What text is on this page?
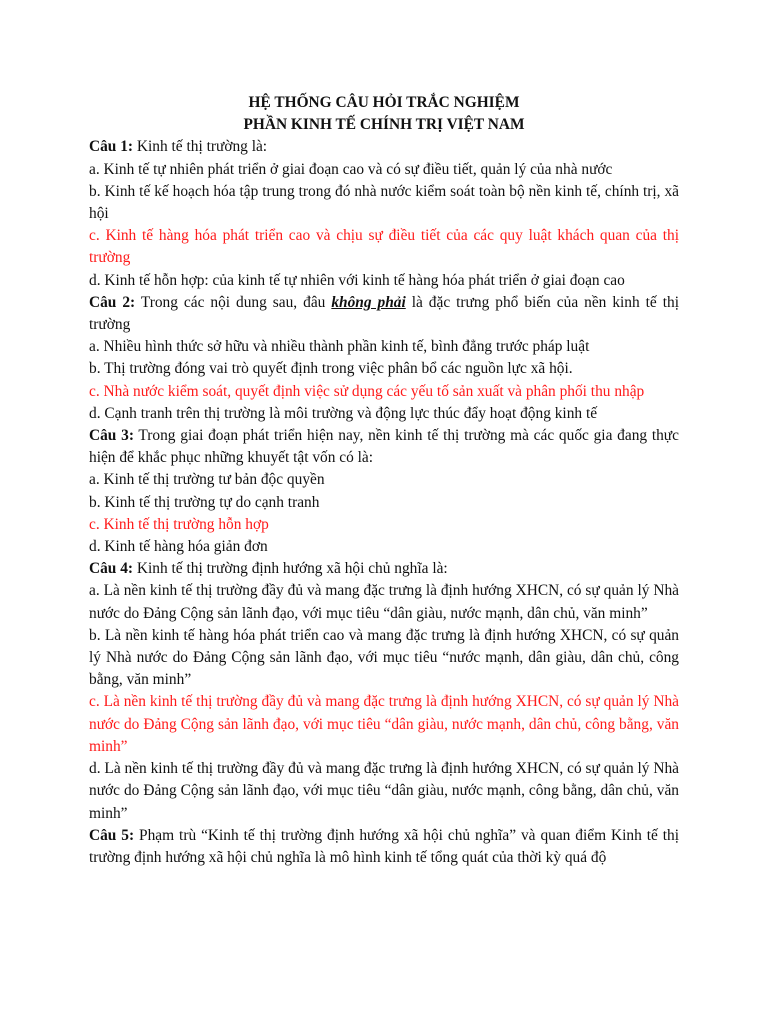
HỆ THỐNG CÂU HỎI TRẮC NGHIỆM
PHẦN KINH TẾ CHÍNH TRỊ VIỆT NAM
Câu 1: Kinh tế thị trường là:
a. Kinh tế tự nhiên phát triển ở giai đoạn cao và có sự điều tiết, quản lý của nhà nước
b. Kinh tế kế hoạch hóa tập trung trong đó nhà nước kiểm soát toàn bộ nền kinh tế, chính trị, xã hội
c. Kinh tế hàng hóa phát triển cao và chịu sự điều tiết của các quy luật khách quan của thị trường
d. Kinh tế hỗn hợp: của kinh tế tự nhiên với kinh tế hàng hóa phát triển ở giai đoạn cao
Câu 2: Trong các nội dung sau, đâu không phải là đặc trưng phổ biến của nền kinh tế thị trường
a. Nhiều hình thức sở hữu và nhiều thành phần kinh tế, bình đẳng trước pháp luật
b. Thị trường đóng vai trò quyết định trong việc phân bổ các nguồn lực xã hội.
c. Nhà nước kiểm soát, quyết định việc sử dụng các yếu tố sản xuất và phân phối thu nhập
d. Cạnh tranh trên thị trường là môi trường và động lực thúc đẩy hoạt động kinh tế
Câu 3: Trong giai đoạn phát triển hiện nay, nền kinh tế thị trường mà các quốc gia đang thực hiện để khắc phục những khuyết tật vốn có là:
a. Kinh tế thị trường tư bản độc quyền
b. Kinh tế thị trường tự do cạnh tranh
c. Kinh tế thị trường hỗn hợp
d. Kinh tế hàng hóa giản đơn
Câu 4: Kinh tế thị trường định hướng xã hội chủ nghĩa là:
a. Là nền kinh tế thị trường đầy đủ và mang đặc trưng là định hướng XHCN, có sự quản lý Nhà nước do Đảng Cộng sản lãnh đạo, với mục tiêu “dân giàu, nước mạnh, dân chủ, văn minh”
b. Là nền kinh tế hàng hóa phát triển cao và mang đặc trưng là định hướng XHCN, có sự quản lý Nhà nước do Đảng Cộng sản lãnh đạo, với mục tiêu “nước mạnh, dân giàu, dân chủ, công bằng, văn minh”
c. Là nền kinh tế thị trường đầy đủ và mang đặc trưng là định hướng XHCN, có sự quản lý Nhà nước do Đảng Cộng sản lãnh đạo, với mục tiêu “dân giàu, nước mạnh, dân chủ, công bằng, văn minh”
d. Là nền kinh tế thị trường đầy đủ và mang đặc trưng là định hướng XHCN, có sự quản lý Nhà nước do Đảng Cộng sản lãnh đạo, với mục tiêu “dân giàu, nước mạnh, công bằng, dân chủ, văn minh”
Câu 5: Phạm trù “Kinh tế thị trường định hướng xã hội chủ nghĩa” và quan điểm Kinh tế thị trường định hướng xã hội chủ nghĩa là mô hình kinh tế tổng quát của thời kỳ quá độ
